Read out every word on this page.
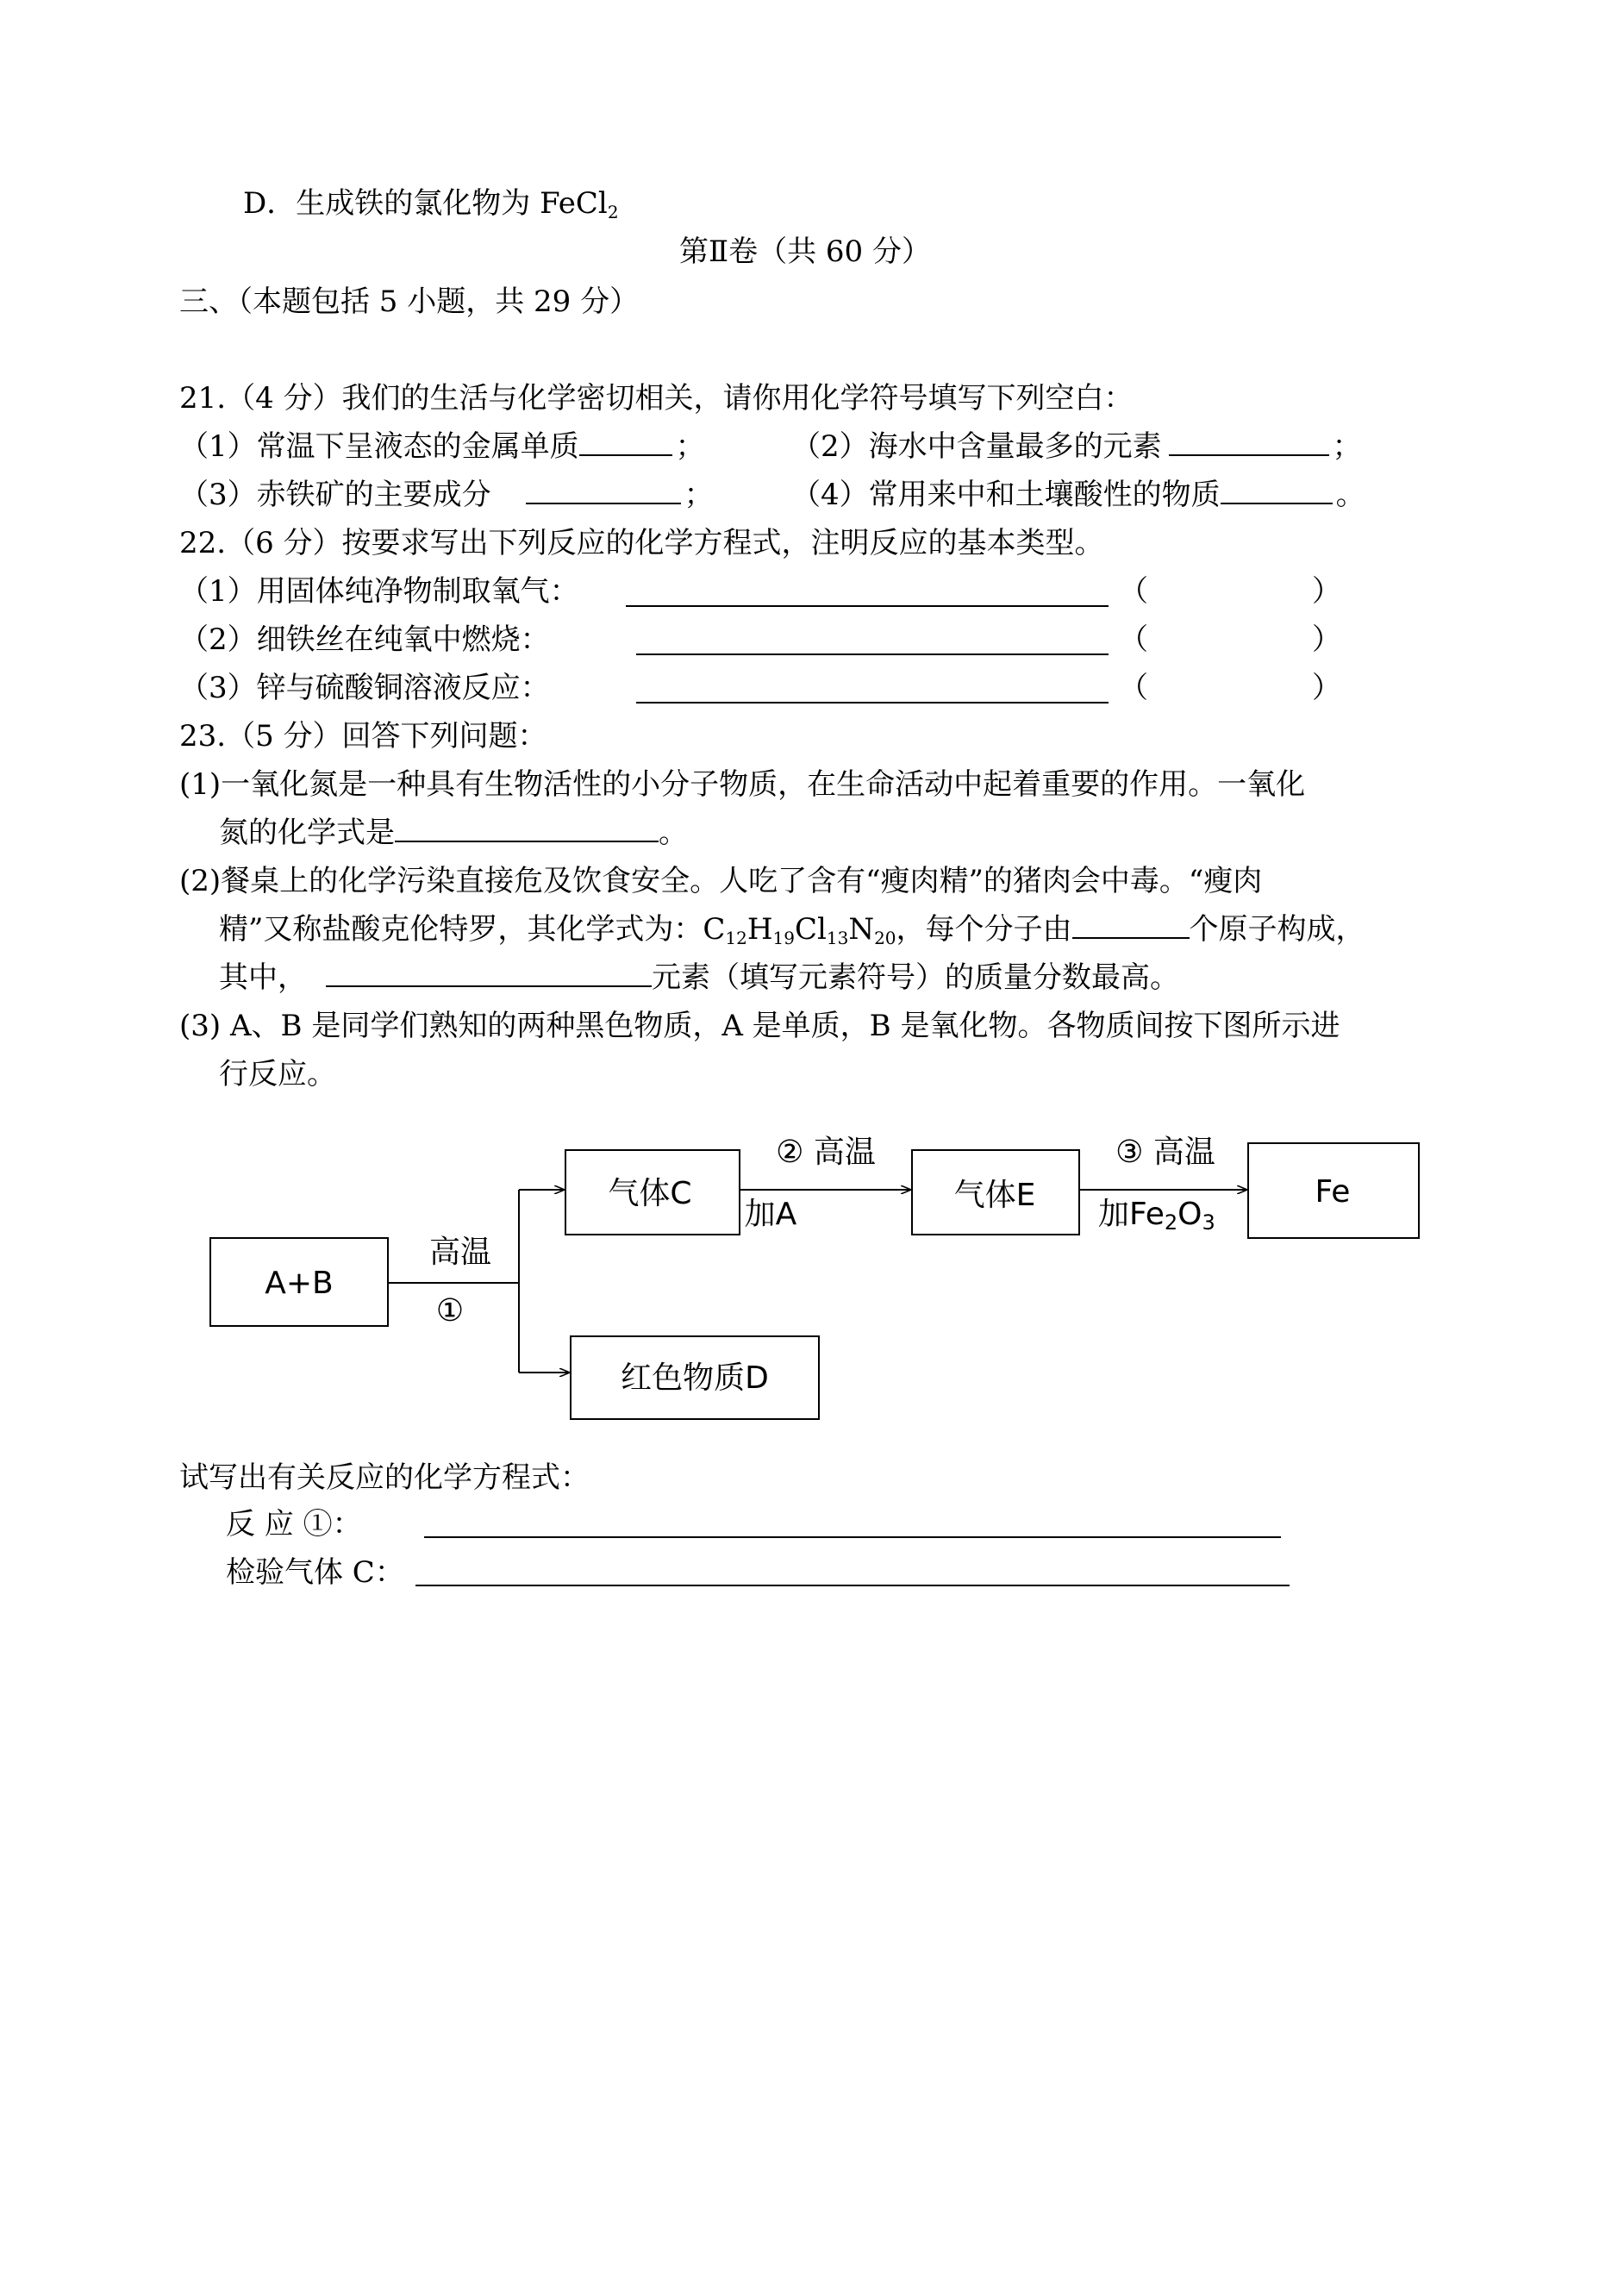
D．生成铁的氯化物为 FeCl$_2$
第Ⅱ卷（共 60 分）
三、（本题包括 5 小题，共 29 分）
21.（4 分）我们的生活与化学密切相关，请你用化学符号填写下列空白：
（1）常温下呈液态的金属单质	；	（2）海水中含量最多的元素	；
（3）赤铁矿的主要成分	；	（4）常用来中和土壤酸性的物质	。
22.（6 分）按要求写出下列反应的化学方程式，注明反应的基本类型。
（1）用固体纯净物制取氧气：	（	）
（2）细铁丝在纯氧中燃烧：	（	）
（3）锌与硫酸铜溶液反应：	（	）
23.（5 分）回答下列问题：
(1)一氧化氮是一种具有生物活性的小分子物质，在生命活动中起着重要的作用。一氧化
氮的化学式是	。
(2)餐桌上的化学污染直接危及饮食安全。人吃了含有“瘦肉精”的猪肉会中毒。“瘦肉
精”又称盐酸克伦特罗，其化学式为：$C_{12}H_{19}Cl_{13}N_{20}$，每个分子由	个原子构成，
其中，	元素（填写元素符号）的质量分数最高。
(3) A、B 是同学们熟知的两种黑色物质，A 是单质，B 是氧化物。各物质间按下图所示进
行反应。
A+B
高温
①
气体C
② 高温
加A
气体E
③ 高温
加Fe2O3
Fe
红色物质D
试写出有关反应的化学方程式：
反 应 ①：
检验气体 C：
